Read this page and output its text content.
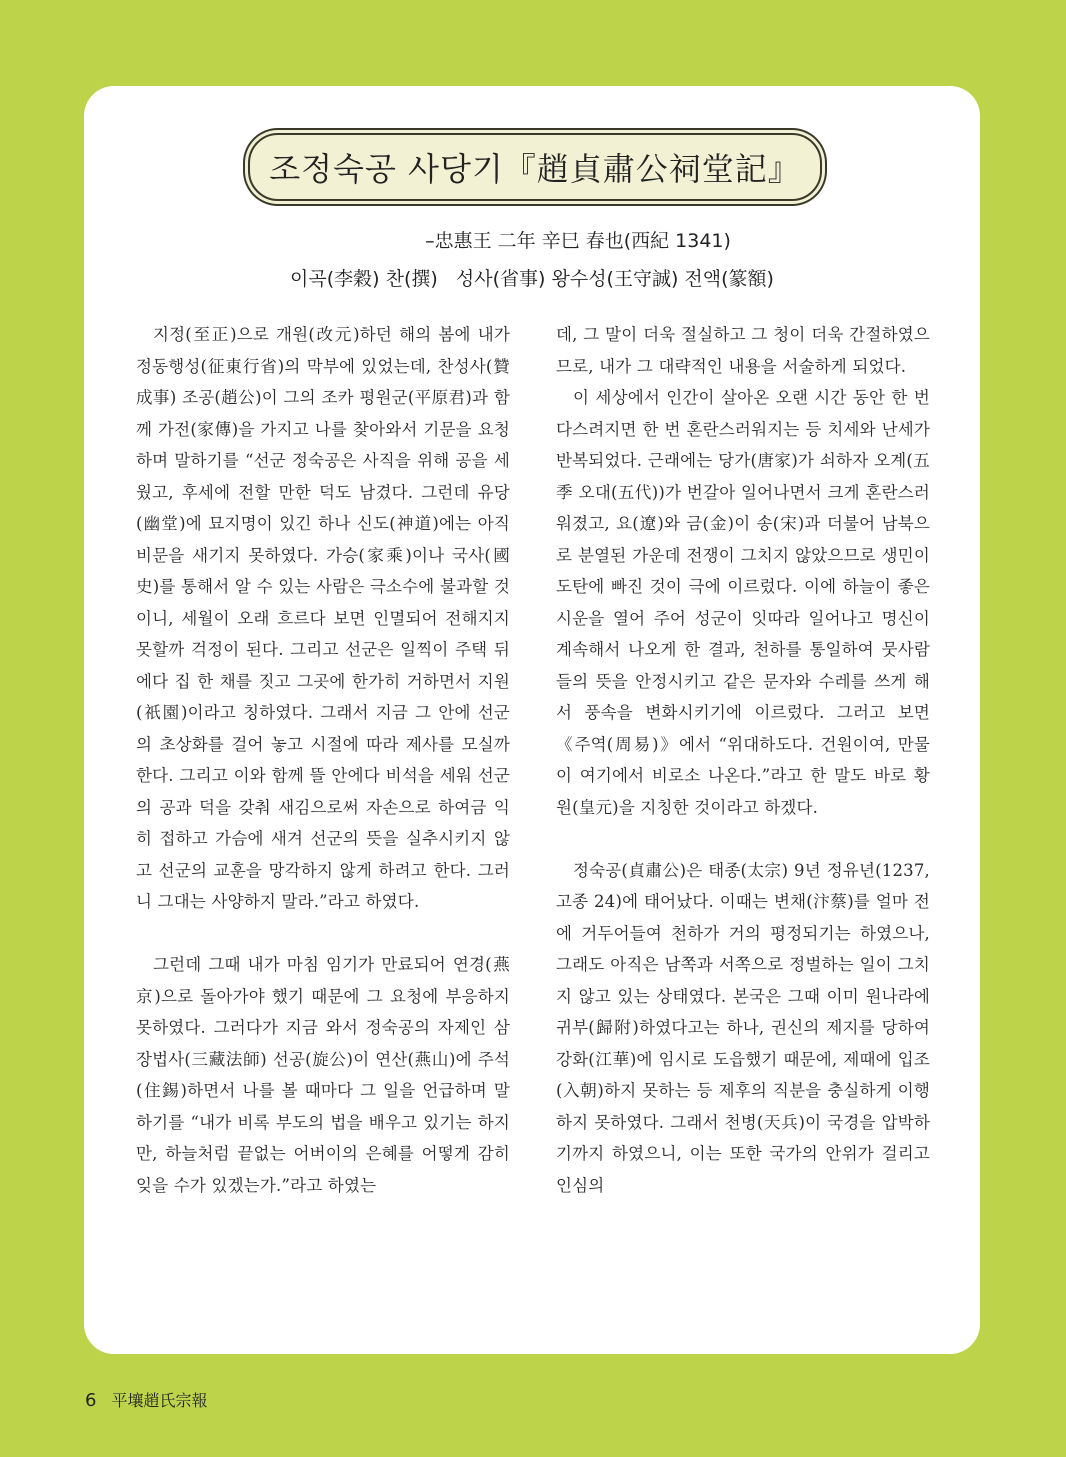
조정숙공 사당기『趙貞肅公祠堂記』
–忠惠王 二年 辛巳 春也(西紀 1341)
이곡(李穀) 찬(撰)   성사(省事) 왕수성(王守誠) 전액(篆額)

지정(至正)으로 개원(改元)하던 해의 봄에 내가 정동행성(征東行省)의 막부에 있었는데, 찬성사(贊成事) 조공(趙公)이 그의 조카 평원군(平原君)과 함께 가전(家傳)을 가지고 나를 찾아와서 기문을 요청하며 말하기를 “선군 정숙공은 사직을 위해 공을 세웠고, 후세에 전할 만한 덕도 남겼다. 그런데 유당(幽堂)에 묘지명이 있긴 하나 신도(神道)에는 아직 비문을 새기지 못하였다. 가승(家乘)이나 국사(國史)를 통해서 알 수 있는 사람은 극소수에 불과할 것이니, 세월이 오래 흐르다 보면 인멸되어 전해지지 못할까 걱정이 된다. 그리고 선군은 일찍이 주택 뒤에다 집 한 채를 짓고 그곳에 한가히 거하면서 지원(祇園)이라고 칭하였다. 그래서 지금 그 안에 선군의 초상화를 걸어 놓고 시절에 따라 제사를 모실까 한다. 그리고 이와 함께 뜰 안에다 비석을 세워 선군의 공과 덕을 갖춰 새김으로써 자손으로 하여금 익히 접하고 가슴에 새겨 선군의 뜻을 실추시키지 않고 선군의 교훈을 망각하지 않게 하려고 한다. 그러니 그대는 사양하지 말라.”라고 하였다.

그런데 그때 내가 마침 임기가 만료되어 연경(燕京)으로 돌아가야 했기 때문에 그 요청에 부응하지 못하였다. 그러다가 지금 와서 정숙공의 자제인 삼장법사(三藏法師) 선공(旋公)이 연산(燕山)에 주석(住錫)하면서 나를 볼 때마다 그 일을 언급하며 말하기를 “내가 비록 부도의 법을 배우고 있기는 하지만, 하늘처럼 끝없는 어버이의 은혜를 어떻게 감히 잊을 수가 있겠는가.”라고 하였는

데, 그 말이 더욱 절실하고 그 청이 더욱 간절하였으므로, 내가 그 대략적인 내용을 서술하게 되었다.

이 세상에서 인간이 살아온 오랜 시간 동안 한 번 다스려지면 한 번 혼란스러워지는 등 치세와 난세가 반복되었다. 근래에는 당가(唐家)가 쇠하자 오계(五季 오대(五代))가 번갈아 일어나면서 크게 혼란스러워졌고, 요(遼)와 금(金)이 송(宋)과 더불어 남북으로 분열된 가운데 전쟁이 그치지 않았으므로 생민이 도탄에 빠진 것이 극에 이르렀다. 이에 하늘이 좋은 시운을 열어 주어 성군이 잇따라 일어나고 명신이 계속해서 나오게 한 결과, 천하를 통일하여 뭇사람들의 뜻을 안정시키고 같은 문자와 수레를 쓰게 해서 풍속을 변화시키기에 이르렀다. 그러고 보면 《주역(周易)》에서 “위대하도다. 건원이여, 만물이 여기에서 비로소 나온다.”라고 한 말도 바로 황원(皇元)을 지칭한 것이라고 하겠다.

정숙공(貞肅公)은 태종(太宗) 9년 정유년(1237, 고종 24)에 태어났다. 이때는 변채(汴蔡)를 얼마 전에 거두어들여 천하가 거의 평정되기는 하였으나, 그래도 아직은 남쪽과 서쪽으로 정벌하는 일이 그치지 않고 있는 상태였다. 본국은 그때 이미 원나라에 귀부(歸附)하였다고는 하나, 권신의 제지를 당하여 강화(江華)에 임시로 도읍했기 때문에, 제때에 입조(入朝)하지 못하는 등 제후의 직분을 충실하게 이행하지 못하였다. 그래서 천병(天兵)이 국경을 압박하기까지 하였으니, 이는 또한 국가의 안위가 걸리고 인심의

6 平壤趙氏宗報
